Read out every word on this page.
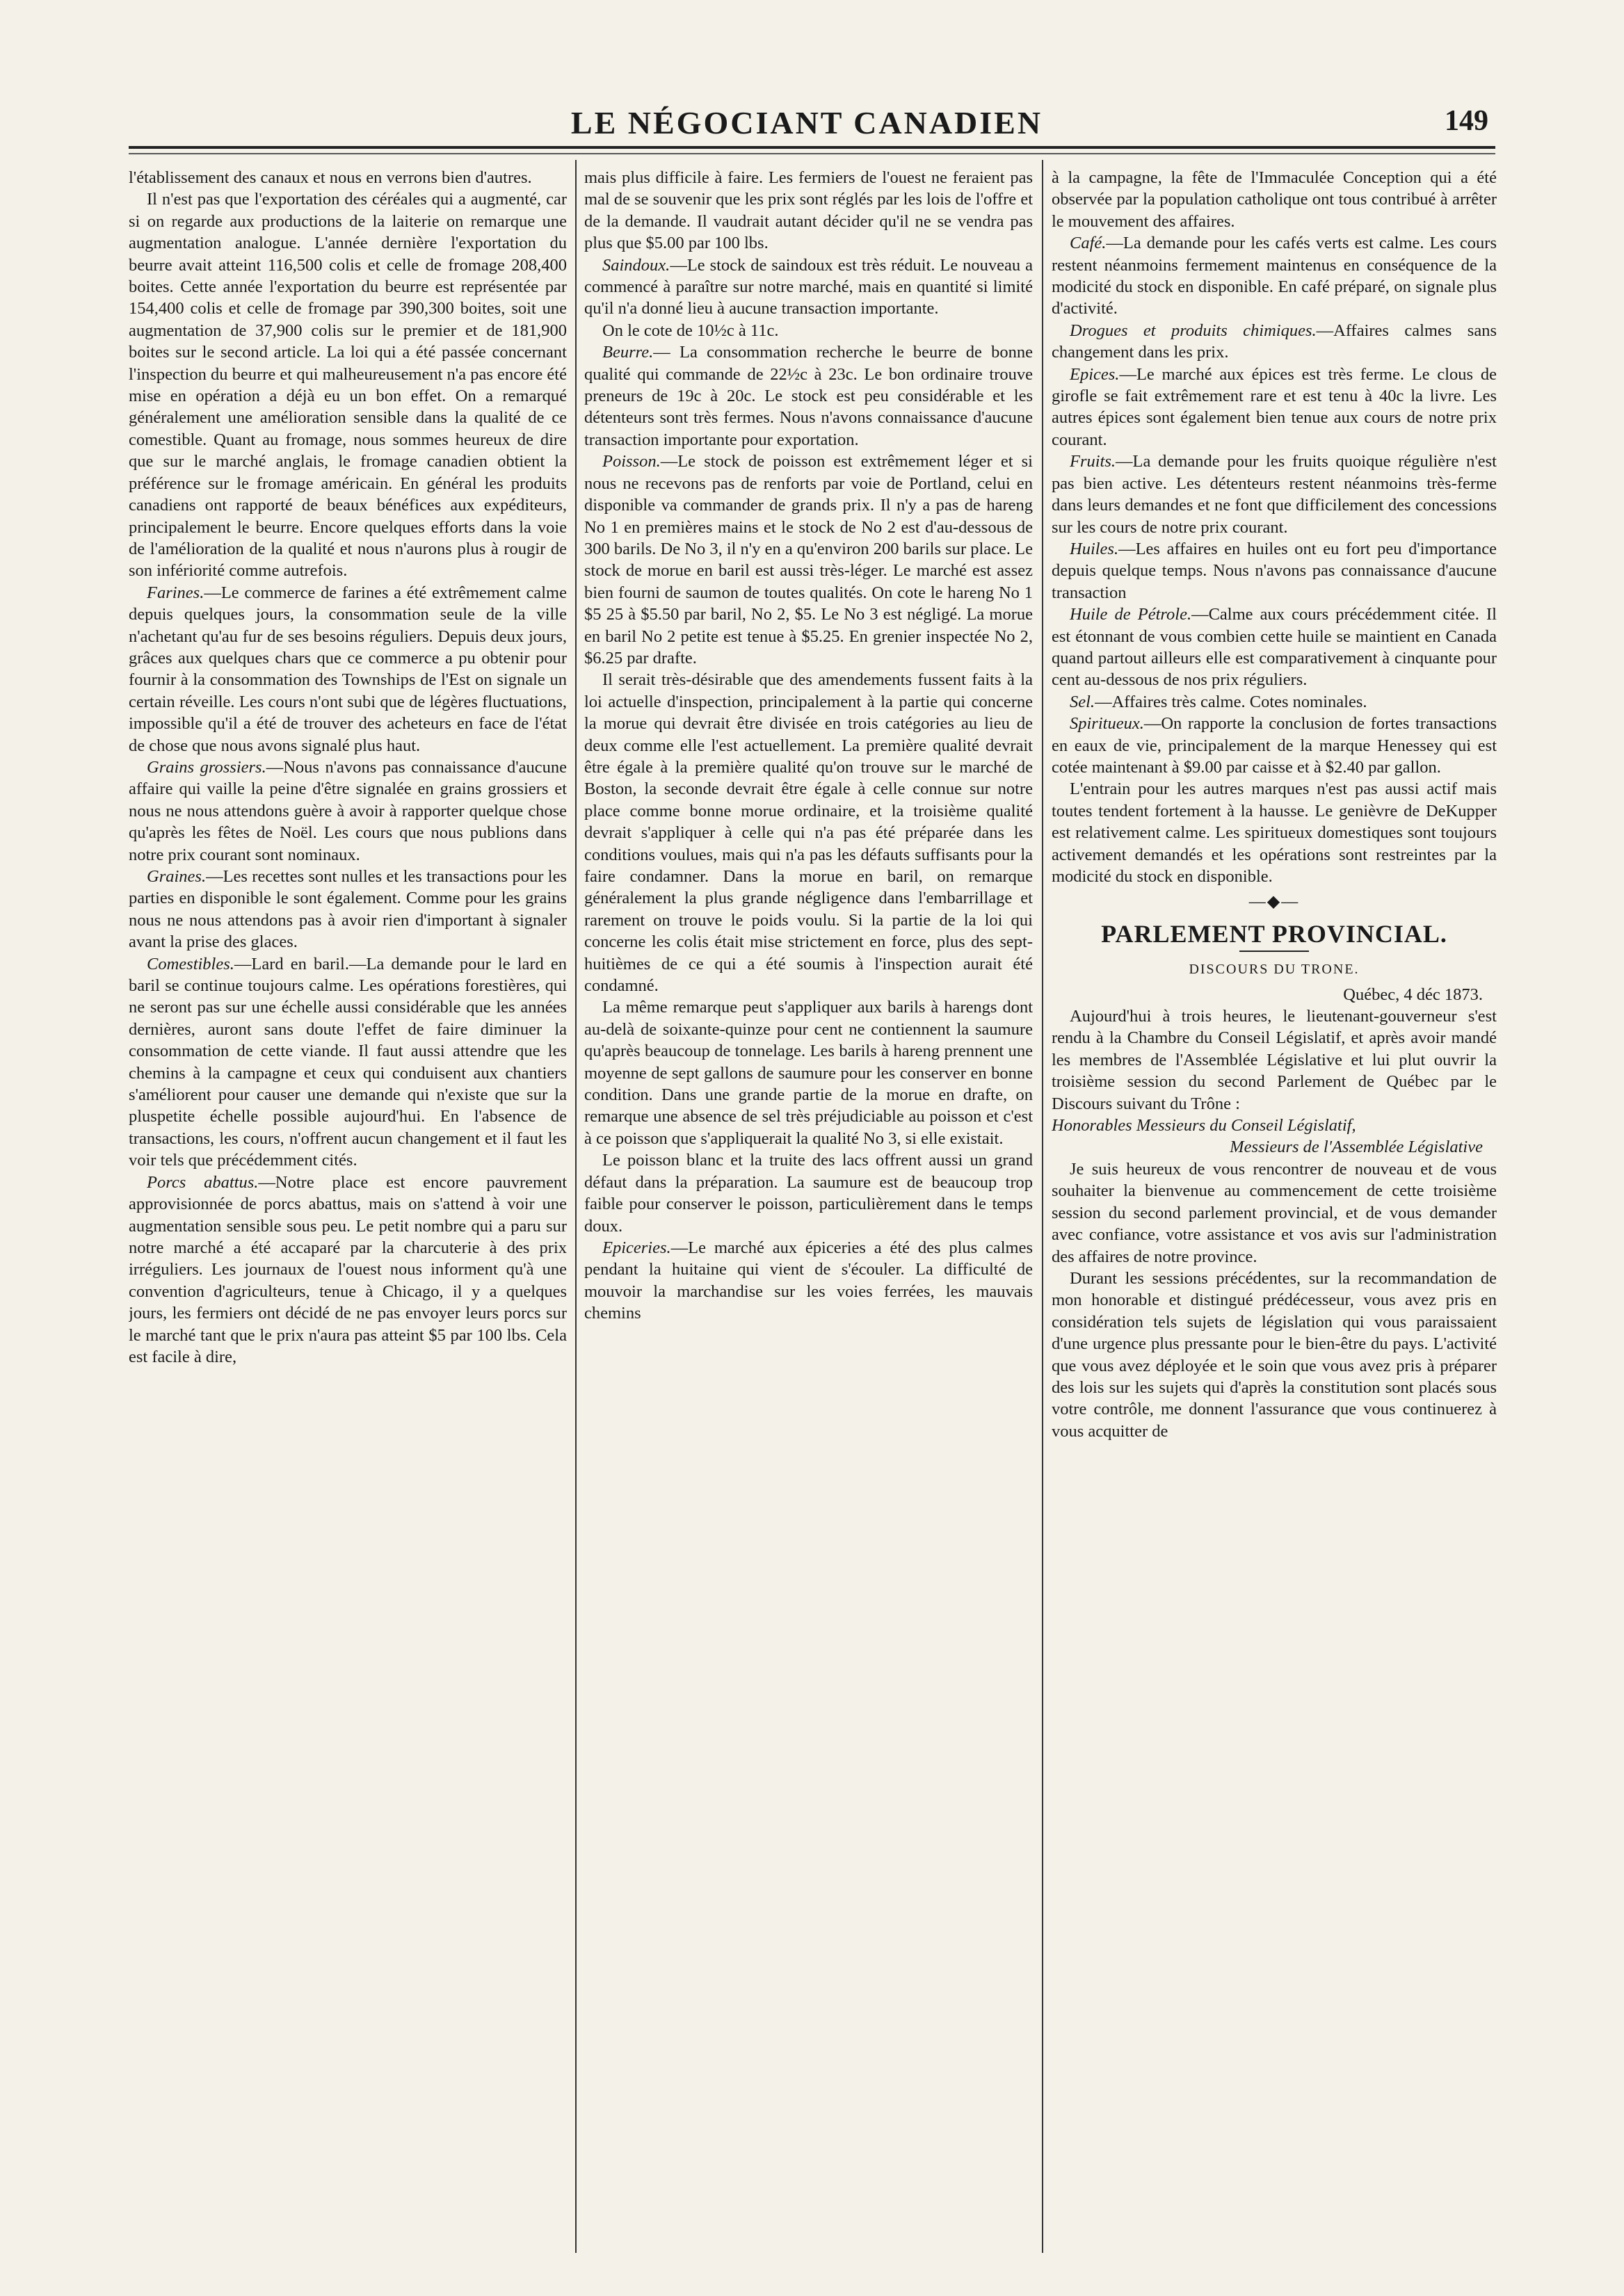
LE NÉGOCIANT CANADIEN	149

l'établissement des canaux et nous en verrons bien d'autres.

Il n'est pas que l'exportation des céréales qui a augmenté, car si on regarde aux productions de la laiterie on remarque une augmentation analogue. L'année dernière l'exportation du beurre avait atteint 116,500 colis et celle de fromage 208,400 boites. Cette année l'exportation du beurre est représentée par 154,400 colis et celle de fromage par 390,300 boites, soit une augmentation de 37,900 colis sur le premier et de 181,900 boites sur le second article. La loi qui a été passée concernant l'inspection du beurre et qui malheureusement n'a pas encore été mise en opération a déjà eu un bon effet. On a remarqué généralement une amélioration sensible dans la qualité de ce comestible. Quant au fromage, nous sommes heureux de dire que sur le marché anglais, le fromage canadien obtient la préférence sur le fromage américain. En général les produits canadiens ont rapporté de beaux bénéfices aux expéditeurs, principalement le beurre. Encore quelques efforts dans la voie de l'amélioration de la qualité et nous n'aurons plus à rougir de son infériorité comme autrefois.

Farines.—Le commerce de farines a été extrêmement calme depuis quelques jours, la consommation seule de la ville n'achetant qu'au fur de ses besoins réguliers. Depuis deux jours, grâces aux quelques chars que ce commerce a pu obtenir pour fournir à la consommation des Townships de l'Est on signale un certain réveille. Les cours n'ont subi que de légères fluctuations, impossible qu'il a été de trouver des acheteurs en face de l'état de chose que nous avons signalé plus haut.

Grains grossiers.—Nous n'avons pas connaissance d'aucune affaire qui vaille la peine d'être signalée en grains grossiers et nous ne nous attendons guère à avoir à rapporter quelque chose qu'après les fêtes de Noël. Les cours que nous publions dans notre prix courant sont nominaux.

Graines.—Les recettes sont nulles et les transactions pour les parties en disponible le sont également. Comme pour les grains nous ne nous attendons pas à avoir rien d'important à signaler avant la prise des glaces.

Comestibles.—Lard en baril.—La demande pour le lard en baril se continue toujours calme. Les opérations forestières, qui ne seront pas sur une échelle aussi considérable que les années dernières, auront sans doute l'effet de faire diminuer la consommation de cette viande. Il faut aussi attendre que les chemins à la campagne et ceux qui conduisent aux chantiers s'améliorent pour causer une demande qui n'existe que sur la pluspetite échelle possible aujourd'hui. En l'absence de transactions, les cours, n'offrent aucun changement et il faut les voir tels que précédemment cités.

Porcs abattus.—Notre place est encore pauvrement approvisionnée de porcs abattus, mais on s'attend à voir une augmentation sensible sous peu. Le petit nombre qui a paru sur notre marché a été accaparé par la charcuterie à des prix irréguliers. Les journaux de l'ouest nous informent qu'à une convention d'agriculteurs, tenue à Chicago, il y a quelques jours, les fermiers ont décidé de ne pas envoyer leurs porcs sur le marché tant que le prix n'aura pas atteint $5 par 100 lbs. Cela est facile à dire,

mais plus difficile à faire. Les fermiers de l'ouest ne feraient pas mal de se souvenir que les prix sont réglés par les lois de l'offre et de la demande. Il vaudrait autant décider qu'il ne se vendra pas plus que $5.00 par 100 lbs.

Saindoux.—Le stock de saindoux est très réduit. Le nouveau a commencé à paraître sur notre marché, mais en quantité si limité qu'il n'a donné lieu à aucune transaction importante.

On le cote de 10½c à 11c.

Beurre.— La consommation recherche le beurre de bonne qualité qui commande de 22½c à 23c. Le bon ordinaire trouve preneurs de 19c à 20c. Le stock est peu considérable et les détenteurs sont très fermes. Nous n'avons connaissance d'aucune transaction importante pour exportation.

Poisson.—Le stock de poisson est extrêmement léger et si nous ne recevons pas de renforts par voie de Portland, celui en disponible va commander de grands prix. Il n'y a pas de hareng No 1 en premières mains et le stock de No 2 est d'au-dessous de 300 barils. De No 3, il n'y en a qu'environ 200 barils sur place. Le stock de morue en baril est aussi très-léger. Le marché est assez bien fourni de saumon de toutes qualités. On cote le hareng No 1 $5 25 à $5.50 par baril, No 2, $5. Le No 3 est négligé. La morue en baril No 2 petite est tenue à $5.25. En grenier inspectée No 2, $6.25 par drafte.

Il serait très-désirable que des amendements fussent faits à la loi actuelle d'inspection, principalement à la partie qui concerne la morue qui devrait être divisée en trois catégories au lieu de deux comme elle l'est actuellement. La première qualité devrait être égale à la première qualité qu'on trouve sur le marché de Boston, la seconde devrait être égale à celle connue sur notre place comme bonne morue ordinaire, et la troisième qualité devrait s'appliquer à celle qui n'a pas été préparée dans les conditions voulues, mais qui n'a pas les défauts suffisants pour la faire condamner. Dans la morue en baril, on remarque généralement la plus grande négligence dans l'embarrillage et rarement on trouve le poids voulu. Si la partie de la loi qui concerne les colis était mise strictement en force, plus des sept-huitièmes de ce qui a été soumis à l'inspection aurait été condamné.

La même remarque peut s'appliquer aux barils à harengs dont au-delà de soixante-quinze pour cent ne contiennent la saumure qu'après beaucoup de tonnelage. Les barils à hareng prennent une moyenne de sept gallons de saumure pour les conserver en bonne condition. Dans une grande partie de la morue en drafte, on remarque une absence de sel très préjudiciable au poisson et c'est à ce poisson que s'appliquerait la qualité No 3, si elle existait.

Le poisson blanc et la truite des lacs offrent aussi un grand défaut dans la préparation. La saumure est de beaucoup trop faible pour conserver le poisson, particulièrement dans le temps doux.

Epiceries.—Le marché aux épiceries a été des plus calmes pendant la huitaine qui vient de s'écouler. La difficulté de mouvoir la marchandise sur les voies ferrées, les mauvais chemins

à la campagne, la fête de l'Immaculée Conception qui a été observée par la population catholique ont tous contribué à arrêter le mouvement des affaires.

Café.—La demande pour les cafés verts est calme. Les cours restent néanmoins fermement maintenus en conséquence de la modicité du stock en disponible. En café préparé, on signale plus d'activité.

Drogues et produits chimiques.—Affaires calmes sans changement dans les prix.

Epices.—Le marché aux épices est très ferme. Le clous de girofle se fait extrêmement rare et est tenu à 40c la livre. Les autres épices sont également bien tenue aux cours de notre prix courant.

Fruits.—La demande pour les fruits quoique régulière n'est pas bien active. Les détenteurs restent néanmoins très-ferme dans leurs demandes et ne font que difficilement des concessions sur les cours de notre prix courant.

Huiles.—Les affaires en huiles ont eu fort peu d'importance depuis quelque temps. Nous n'avons pas connaissance d'aucune transaction

Huile de Pétrole.—Calme aux cours précédemment citée. Il est étonnant de vous combien cette huile se maintient en Canada quand partout ailleurs elle est comparativement à cinquante pour cent au-dessous de nos prix réguliers.

Sel.—Affaires très calme. Cotes nominales.

Spiritueux.—On rapporte la conclusion de fortes transactions en eaux de vie, principalement de la marque Henessey qui est cotée maintenant à $9.00 par caisse et à $2.40 par gallon.

L'entrain pour les autres marques n'est pas aussi actif mais toutes tendent fortement à la hausse. Le genièvre de DeKupper est relativement calme. Les spiritueux domestiques sont toujours activement demandés et les opérations sont restreintes par la modicité du stock en disponible.

—◆—
PARLEMENT PROVINCIAL.
DISCOURS DU TRONE.

Québec, 4 déc 1873.

Aujourd'hui à trois heures, le lieutenant-gouverneur s'est rendu à la Chambre du Conseil Législatif, et après avoir mandé les membres de l'Assemblée Législative et lui plut ouvrir la troisième session du second Parlement de Québec par le Discours suivant du Trône :

Honorables Messieurs du Conseil Législatif,

Messieurs de l'Assemblée Législative

Je suis heureux de vous rencontrer de nouveau et de vous souhaiter la bienvenue au commencement de cette troisième session du second parlement provincial, et de vous demander avec confiance, votre assistance et vos avis sur l'administration des affaires de notre province.

Durant les sessions précédentes, sur la recommandation de mon honorable et distingué prédécesseur, vous avez pris en considération tels sujets de législation qui vous paraissaient d'une urgence plus pressante pour le bien-être du pays. L'activité que vous avez déployée et le soin que vous avez pris à préparer des lois sur les sujets qui d'après la constitution sont placés sous votre contrôle, me donnent l'assurance que vous continuerez à vous acquitter de
